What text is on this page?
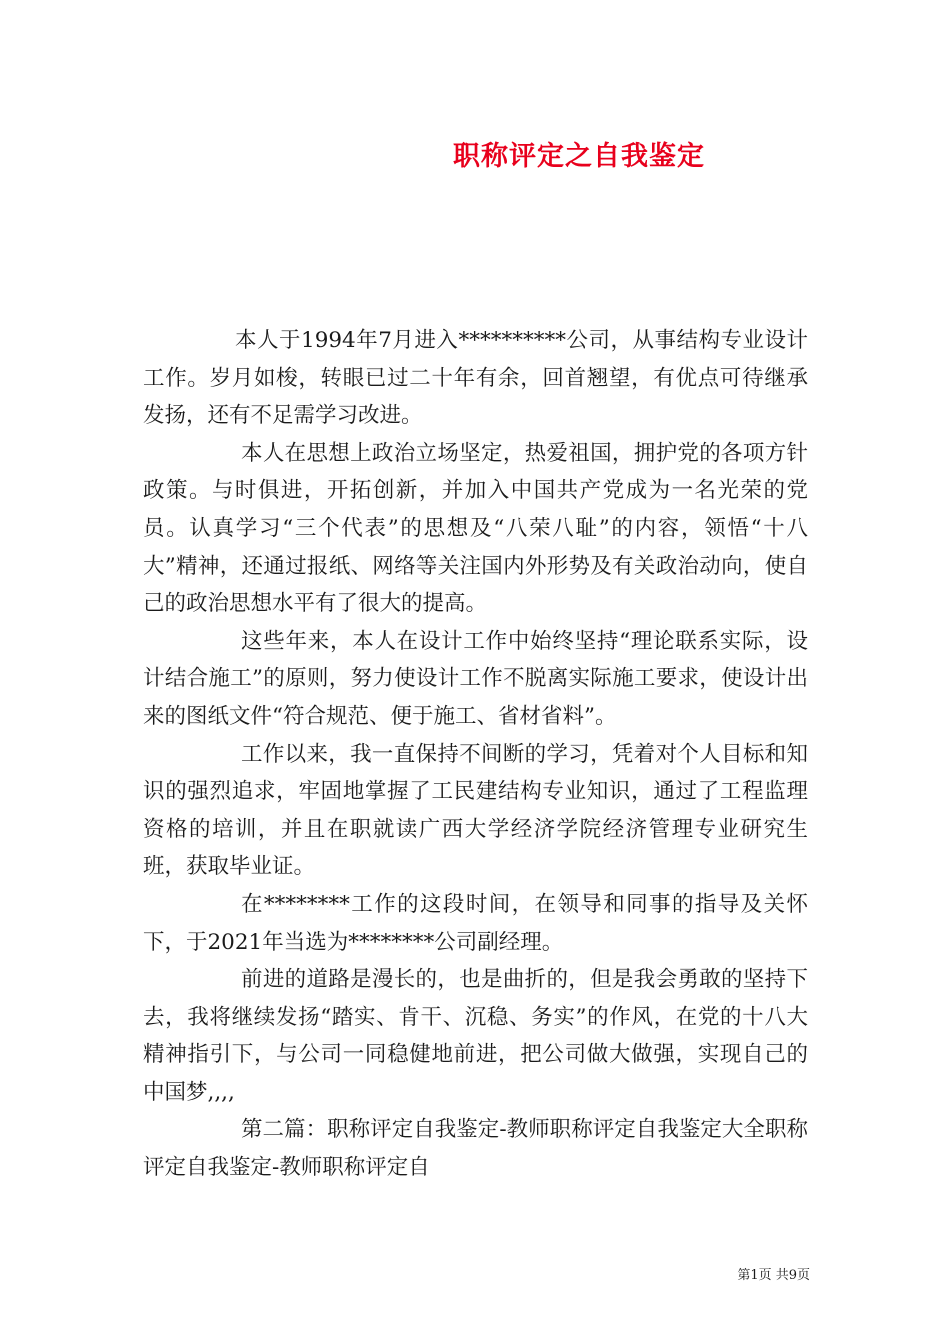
职称评定之自我鉴定

本人于1994年7月进入**********公司，从事结构专业设计工作。岁月如梭，转眼已过二十年有余，回首翘望，有优点可待继承发扬，还有不足需学习改进。

本人在思想上政治立场坚定，热爱祖国，拥护党的各项方针政策。与时俱进，开拓创新，并加入中国共产党成为一名光荣的党员。认真学习“三个代表”的思想及“八荣八耻”的内容，领悟“十八大”精神，还通过报纸、网络等关注国内外形势及有关政治动向，使自己的政治思想水平有了很大的提高。

这些年来，本人在设计工作中始终坚持“理论联系实际，设计结合施工”的原则，努力使设计工作不脱离实际施工要求，使设计出来的图纸文件“符合规范、便于施工、省材省料”。

工作以来，我一直保持不间断的学习，凭着对个人目标和知识的强烈追求，牢固地掌握了工民建结构专业知识，通过了工程监理资格的培训，并且在职就读广西大学经济学院经济管理专业研究生班，获取毕业证。

在********工作的这段时间，在领导和同事的指导及关怀下，于2021年当选为********公司副经理。

前进的道路是漫长的，也是曲折的，但是我会勇敢的坚持下去，我将继续发扬“踏实、肯干、沉稳、务实”的作风，在党的十八大精神指引下，与公司一同稳健地前进，把公司做大做强，实现自己的中国梦,,,,

第二篇：职称评定自我鉴定-教师职称评定自我鉴定大全职称评定自我鉴定-教师职称评定自

第1页 共9页
